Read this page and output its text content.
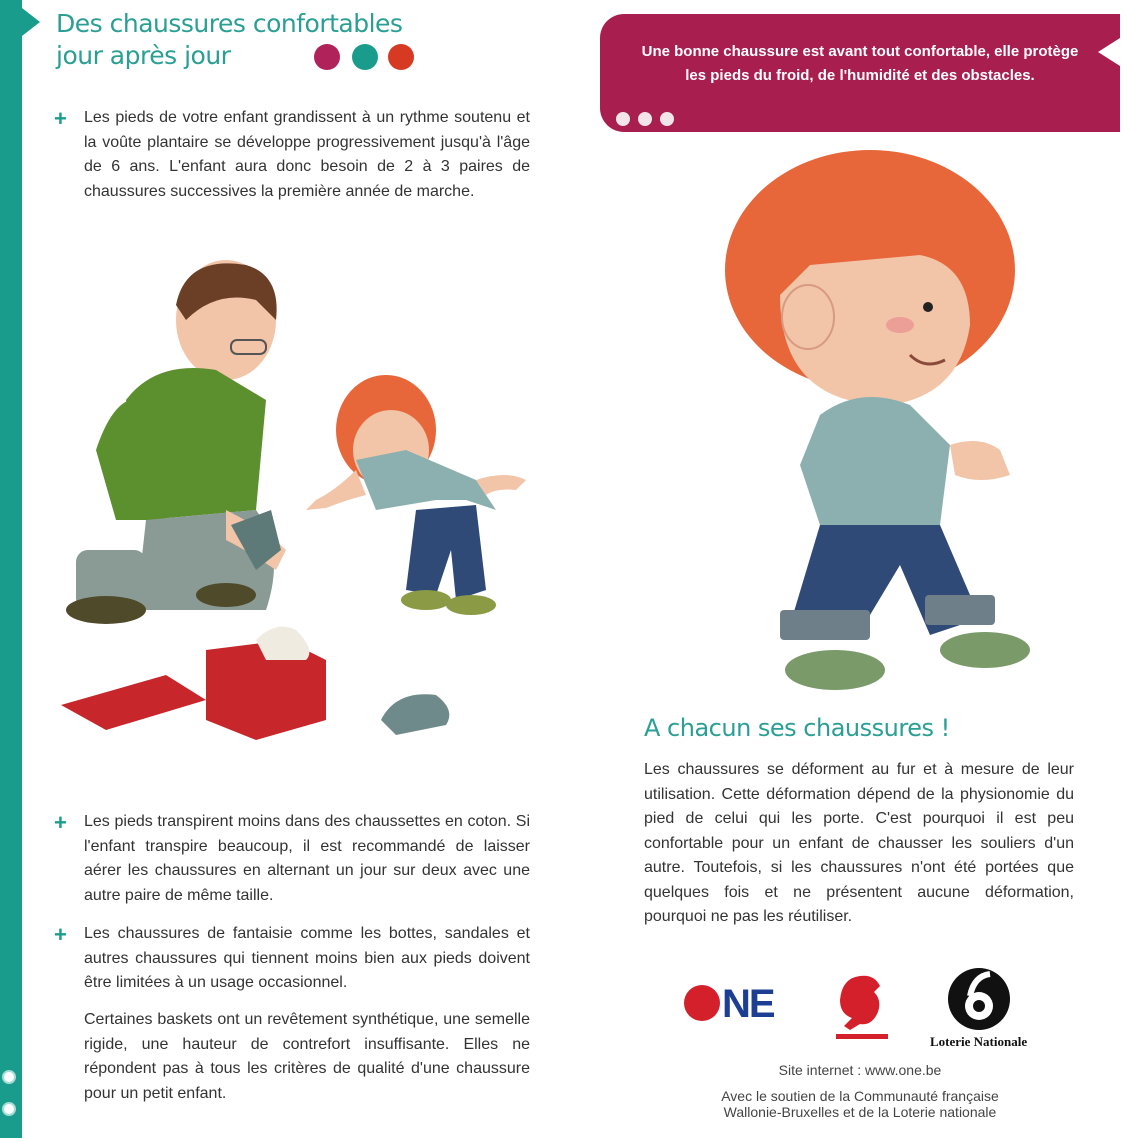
Des chaussures confortables
jour après jour
+ Les pieds de votre enfant grandissent à un rythme soutenu et la voûte plantaire se développe progressivement jusqu'à l'âge de 6 ans. L'enfant aura donc besoin de 2 à 3 paires de chaussures successives la première année de marche.
+ Les pieds transpirent moins dans des chaussettes en coton. Si l'enfant transpire beaucoup, il est recommandé de laisser aérer les chaussures en alternant un jour sur deux avec une autre paire de même taille.
+ Les chaussures de fantaisie comme les bottes, sandales et autres chaussures qui tiennent moins bien aux pieds doivent être limitées à un usage occasionnel.
Certaines baskets ont un revêtement synthétique, une semelle rigide, une hauteur de contrefort insuffisante. Elles ne répondent pas à tous les critères de qualité d'une chaussure pour un petit enfant.
Une bonne chaussure est avant tout confortable, elle protège les pieds du froid, de l'humidité et des obstacles.
A chacun ses chaussures !
Les chaussures se déforment au fur et à mesure de leur utilisation. Cette déformation dépend de la physionomie du pied de celui qui les porte. C'est pourquoi il est peu confortable pour un enfant de chausser les souliers d'un autre. Toutefois, si les chaussures n'ont été portées que quelques fois et ne présentent aucune déformation, pourquoi ne pas les réutiliser.
NE
Loterie Nationale
Site internet : www.one.be
Avec le soutien de la Communauté française
Wallonie-Bruxelles et de la Loterie nationale
